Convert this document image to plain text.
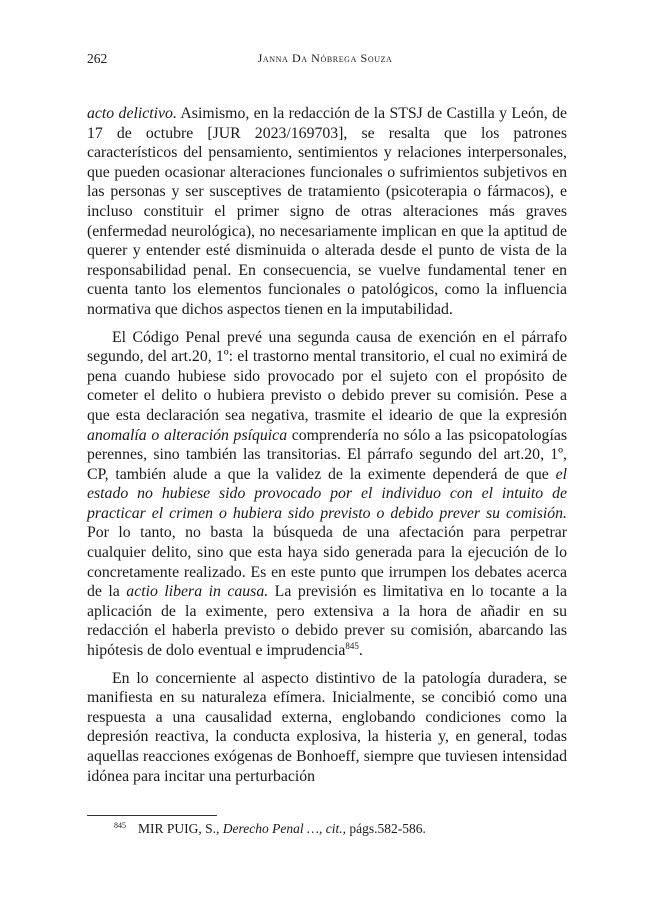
262	Janna Da Nóbrega Souza

acto delictivo. Asimismo, en la redacción de la STSJ de Castilla y León, de 17 de octubre [JUR 2023/169703], se resalta que los patrones característicos del pensamiento, sentimientos y relaciones interpersonales, que pueden ocasionar alteraciones funcionales o sufrimientos subjetivos en las personas y ser susceptives de tratamiento (psicoterapia o fármacos), e incluso constituir el primer signo de otras alteraciones más graves (enfermedad neurológica), no necesariamente implican en que la aptitud de querer y entender esté disminuida o alterada desde el punto de vista de la responsabilidad penal. En consecuencia, se vuelve fundamental tener en cuenta tanto los elementos funcionales o patológicos, como la influencia normativa que dichos aspectos tienen en la imputabilidad.

El Código Penal prevé una segunda causa de exención en el párrafo segundo, del art.20, 1º: el trastorno mental transitorio, el cual no eximirá de pena cuando hubiese sido provocado por el sujeto con el propósito de cometer el delito o hubiera previsto o debido prever su comisión. Pese a que esta declaración sea negativa, trasmite el ideario de que la expresión anomalía o alteración psíquica comprendería no sólo a las psicopatologías perennes, sino también las transitorias. El párrafo segundo del art.20, 1º, CP, también alude a que la validez de la eximente dependerá de que el estado no hubiese sido provocado por el individuo con el intuito de practicar el crimen o hubiera sido previsto o debido prever su comisión. Por lo tanto, no basta la búsqueda de una afectación para perpetrar cualquier delito, sino que esta haya sido generada para la ejecución de lo concretamente realizado. Es en este punto que irrumpen los debates acerca de la actio libera in causa. La previsión es limitativa en lo tocante a la aplicación de la eximente, pero extensiva a la hora de añadir en su redacción el haberla previsto o debido prever su comisión, abarcando las hipótesis de dolo eventual e imprudencia$^{845}$.

En lo concerniente al aspecto distintivo de la patología duradera, se manifiesta en su naturaleza efímera. Inicialmente, se concibió como una respuesta a una causalidad externa, englobando condiciones como la depresión reactiva, la conducta explosiva, la histeria y, en general, todas aquellas reacciones exógenas de Bonhoeff, siempre que tuviesen intensidad idónea para incitar una perturbación

$^{845}$ MIR PUIG, S., Derecho Penal …, cit., págs.582-586.
